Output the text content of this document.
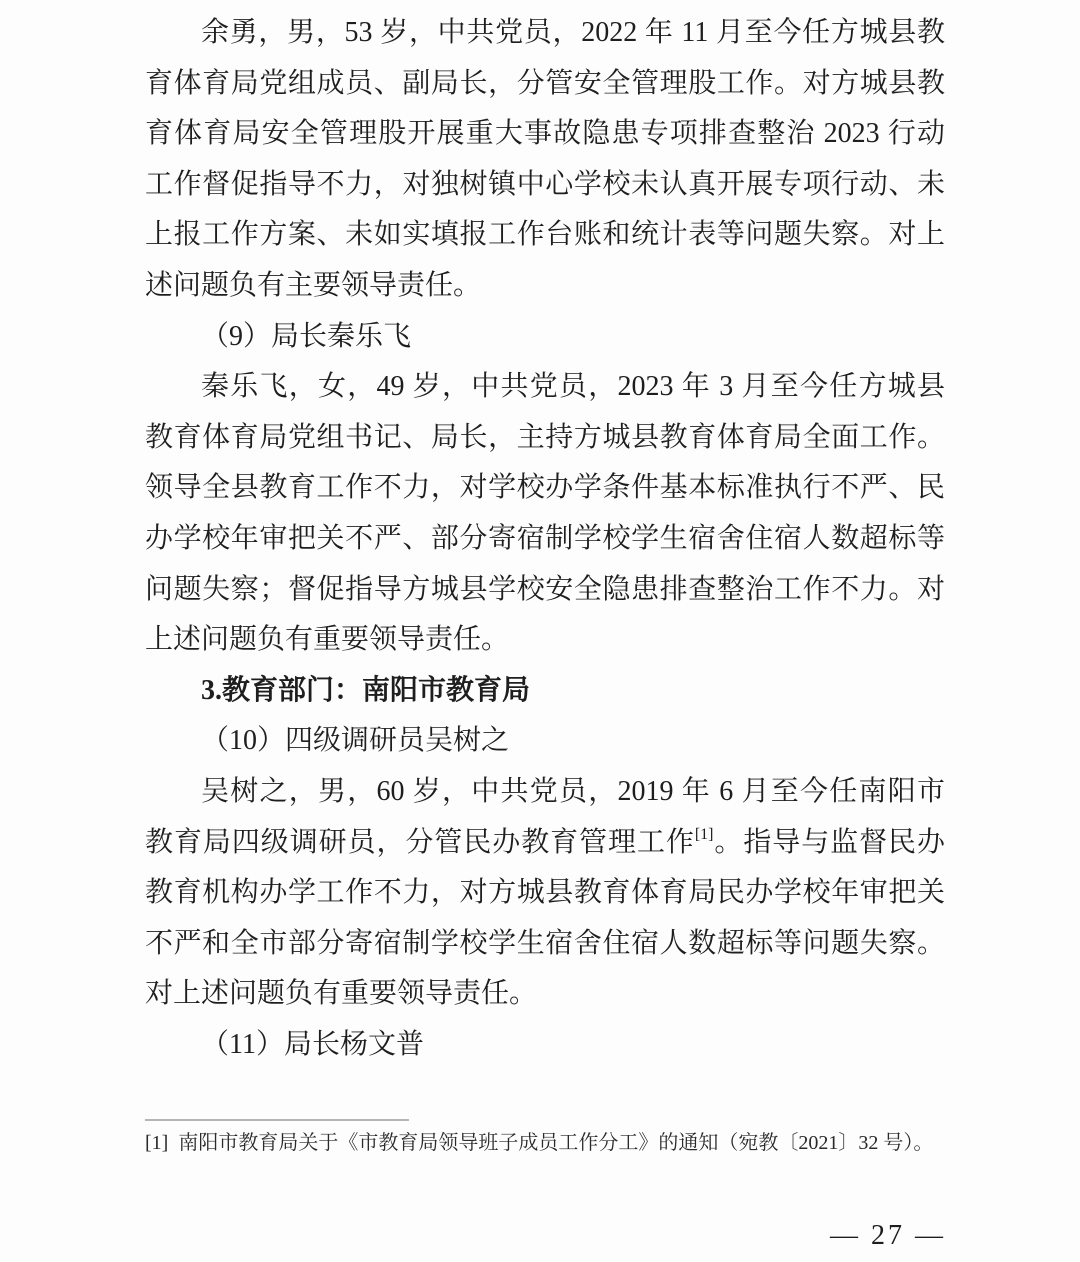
余勇，男，53 岁，中共党员，2022 年 11 月至今任方城县教
育体育局党组成员、副局长，分管安全管理股工作。对方城县教
育体育局安全管理股开展重大事故隐患专项排查整治 2023 行动
工作督促指导不力，对独树镇中心学校未认真开展专项行动、未
上报工作方案、未如实填报工作台账和统计表等问题失察。对上
述问题负有主要领导责任。
（9）局长秦乐飞
秦乐飞，女，49 岁，中共党员，2023 年 3 月至今任方城县
教育体育局党组书记、局长，主持方城县教育体育局全面工作。
领导全县教育工作不力，对学校办学条件基本标准执行不严、民
办学校年审把关不严、部分寄宿制学校学生宿舍住宿人数超标等
问题失察；督促指导方城县学校安全隐患排查整治工作不力。对
上述问题负有重要领导责任。
3.教育部门：南阳市教育局
（10）四级调研员吴树之
吴树之，男，60 岁，中共党员，2019 年 6 月至今任南阳市
教育局四级调研员，分管民办教育管理工作[1]。指导与监督民办
教育机构办学工作不力，对方城县教育体育局民办学校年审把关
不严和全市部分寄宿制学校学生宿舍住宿人数超标等问题失察。
对上述问题负有重要领导责任。
（11）局长杨文普
[1] 南阳市教育局关于《市教育局领导班子成员工作分工》的通知（宛教〔2021〕32 号）。
— 27 —
